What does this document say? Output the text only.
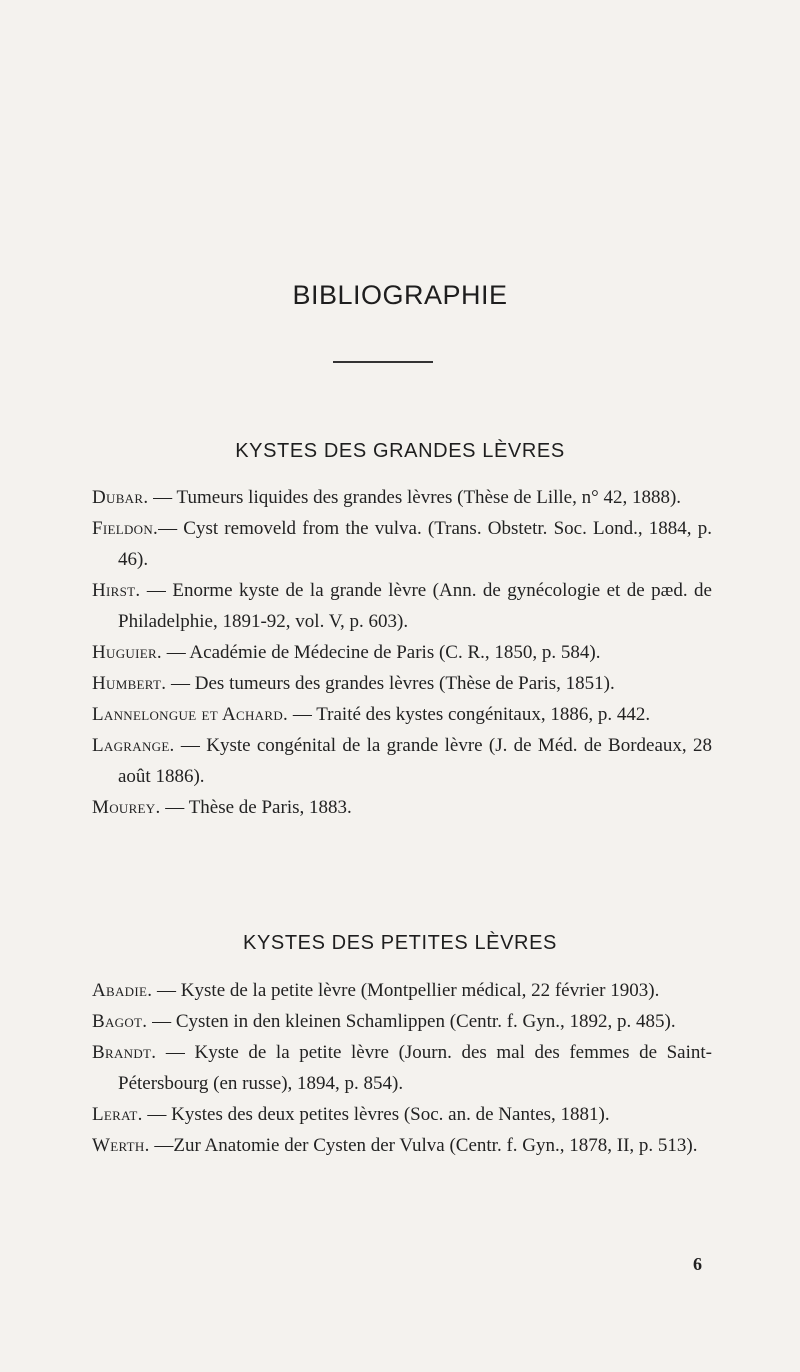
BIBLIOGRAPHIE
KYSTES DES GRANDES LÈVRES
Dubar. — Tumeurs liquides des grandes lèvres (Thèse de Lille, n° 42, 1888).
Fieldon.— Cyst removeld from the vulva. (Trans. Obstetr. Soc. Lond., 1884, p. 46).
Hirst. — Enorme kyste de la grande lèvre (Ann. de gynécologie et de pæd. de Philadelphie, 1891-92, vol. V, p. 603).
Huguier. — Académie de Médecine de Paris (C. R., 1850, p. 584).
Humbert. — Des tumeurs des grandes lèvres (Thèse de Paris, 1851).
Lannelongue et Achard. — Traité des kystes congénitaux, 1886, p. 442.
Lagrange. — Kyste congénital de la grande lèvre (J. de Méd. de Bordeaux, 28 août 1886).
Mourey. — Thèse de Paris, 1883.
KYSTES DES PETITES LÈVRES
Abadie. — Kyste de la petite lèvre (Montpellier médical, 22 février 1903).
Bagot. — Cysten in den kleinen Schamlippen (Centr. f. Gyn., 1892, p. 485).
Brandt. — Kyste de la petite lèvre (Journ. des mal des femmes de Saint-Pétersbourg (en russe), 1894, p. 854).
Lerat. — Kystes des deux petites lèvres (Soc. an. de Nantes, 1881).
Werth. —Zur Anatomie der Cysten der Vulva (Centr. f. Gyn., 1878, II, p. 513).
6
